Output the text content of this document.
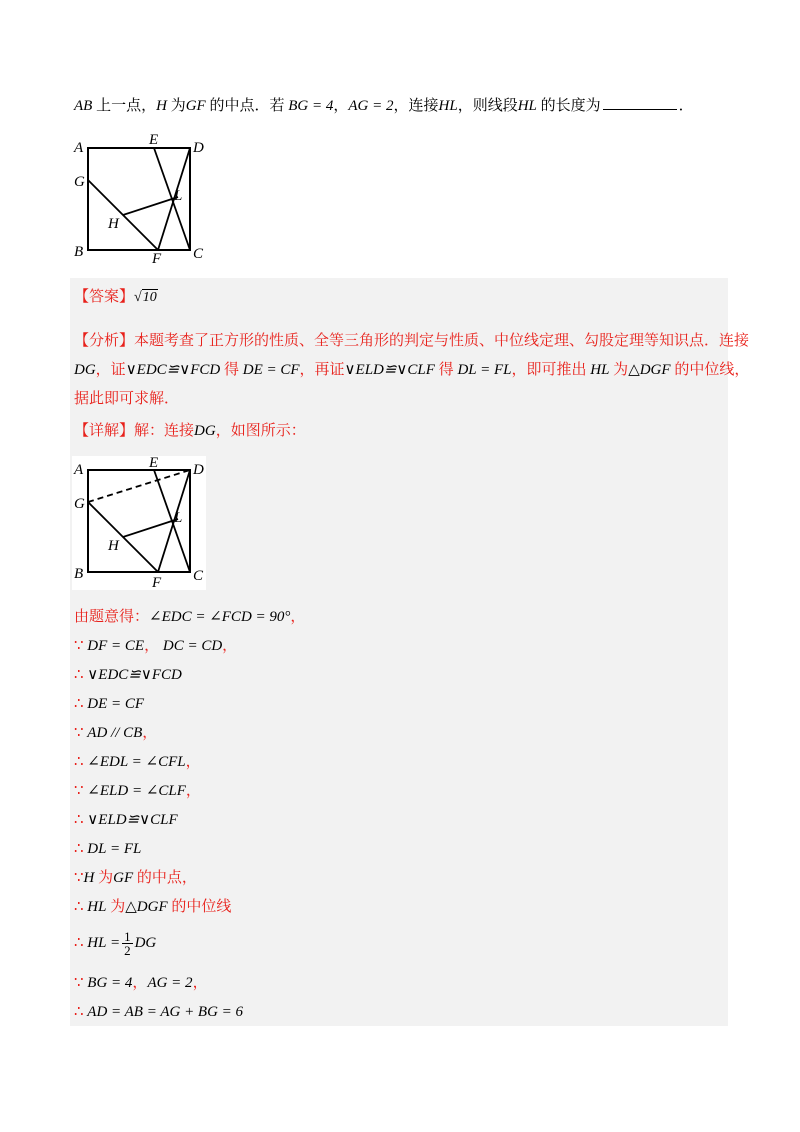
AB 上一点，H 为GF 的中点．若 BG = 4，AG = 2，连接HL，则线段HL 的长度为	．
A
G
B
E D
L
H
C
F
【答案】√10
【分析】本题考查了正方形的性质、全等三角形的判定与性质、中位线定理、勾股定理等知识点．连接
DG，证∨EDC≌∨FCD 得 DE = CF，再证∨ELD≌∨CLF 得 DL = FL，即可推出 HL 为△DGF 的中位线，
据此即可求解．
【详解】解：连接DG，如图所示：
A
G
B
E D
L
H
C
F
由题意得：∠EDC = ∠FCD = 90°，
∵ DF = CE， DC = CD，
∴ ∨EDC≌∨FCD
∴ DE = CF
∵ AD // CB，
∴ ∠EDL = ∠CFL，
∵ ∠ELD = ∠CLF，
∴ ∨ELD≌∨CLF
∴ DL = FL
∵H 为GF 的中点，
∴ HL 为△DGF 的中位线
∴ HL = $\frac{1}{2}$ DG
∵ BG = 4，AG = 2，
∴ AD = AB = AG + BG = 6
